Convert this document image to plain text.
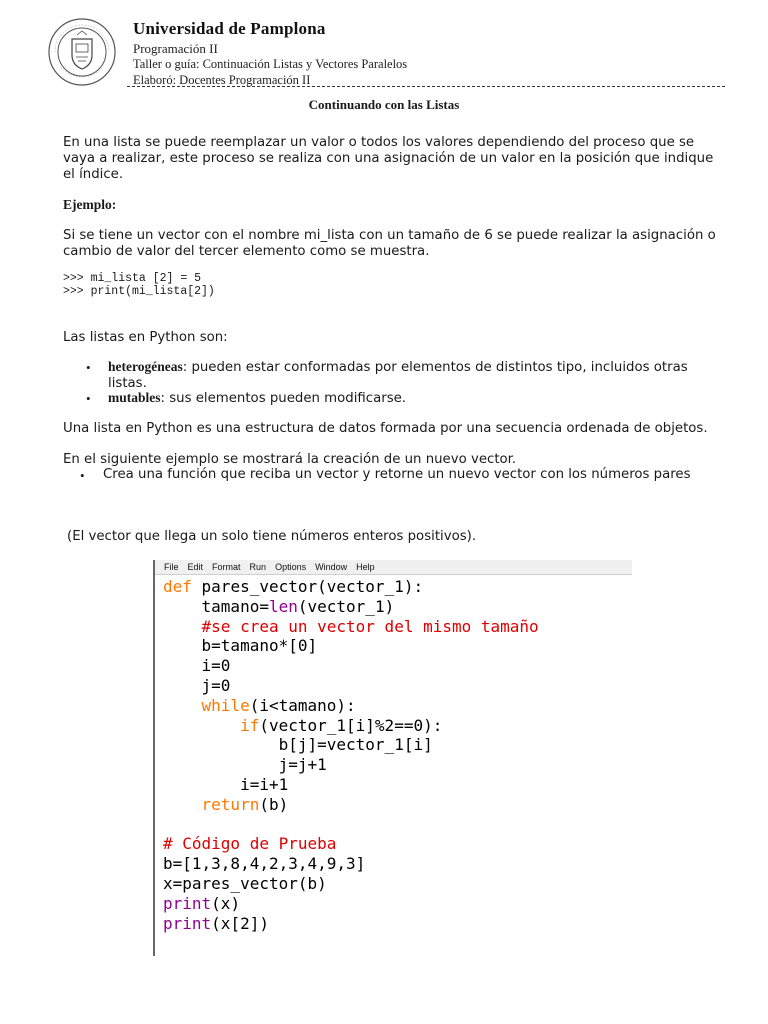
Universidad de Pamplona
Programación II
Taller o guía: Continuación Listas y Vectores Paralelos
Elaboró: Docentes Programación II
Continuando con las Listas
En una lista se puede reemplazar un valor o todos los valores dependiendo del proceso que se vaya a realizar, este proceso se realiza con una asignación de un valor en la posición que indique el índice.
Ejemplo:
Si se tiene un vector con el nombre mi_lista con un tamaño de 6 se puede realizar la asignación o cambio de valor del tercer elemento como se muestra.
>>> mi_lista [2] = 5
>>> print(mi_lista[2])
Las listas en Python son:
• heterogéneas: pueden estar conformadas por elementos de distintos tipo, incluidos otras listas.
• mutables: sus elementos pueden modificarse.
Una lista en Python es una estructura de datos formada por una secuencia ordenada de objetos.
En el siguiente ejemplo se mostrará la creación de un nuevo vector.
• Crea una función que reciba un vector y retorne un nuevo vector con los números pares
(El vector que llega un solo tiene números enteros positivos).
File Edit Format Run Options Window Help
def pares_vector(vector_1):
tamano=len(vector_1)
#se crea un vector del mismo tamaño
b=tamano*[0]
i=0
j=0
while(i<tamano):
if(vector_1[i]%2==0):
b[j]=vector_1[i]
j=j+1
i=i+1
return(b)
# Código de Prueba
b=[1,3,8,4,2,3,4,9,3]
x=pares_vector(b)
print(x)
print(x[2])
